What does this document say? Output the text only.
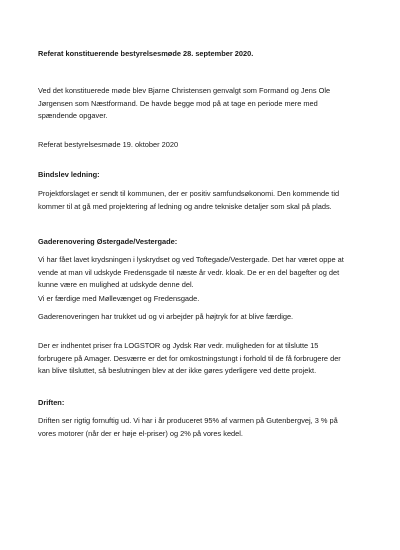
Referat konstituerende bestyrelsesmøde 28. september 2020.

Ved det konstituerede møde blev Bjarne Christensen genvalgt som Formand og Jens Ole
Jørgensen som Næstformand. De havde begge mod på at tage en periode mere med
spændende opgaver.

Referat bestyrelsesmøde 19. oktober 2020

Bindslev ledning:

Projektforslaget er sendt til kommunen, der er positiv samfundsøkonomi. Den kommende tid
kommer til at gå med projektering af ledning og andre tekniske detaljer som skal på plads.

Gaderenovering Østergade/Vestergade:

Vi har fået lavet krydsningen i lyskrydset og ved Toftegade/Vestergade. Det har været oppe at
vende at man vil udskyde Fredensgade til næste år vedr. kloak. De er en del bagefter og det
kunne være en mulighed at udskyde denne del.

Vi er færdige med Møllevænget og Fredensgade.

Gaderenoveringen har trukket ud og vi arbejder på højtryk for at blive færdige.

Der er indhentet priser fra LOGSTOR og Jydsk Rør vedr. muligheden for at tilslutte 15
forbrugere på Amager. Desværre er det for omkostningstungt i forhold til de få forbrugere der
kan blive tilsluttet, så beslutningen blev at der ikke gøres yderligere ved dette projekt.

Driften:

Driften ser rigtig fornuftig ud. Vi har i år produceret 95% af varmen på Gutenbergvej, 3 % på
vores motorer (når der er høje el-priser) og 2% på vores kedel.
